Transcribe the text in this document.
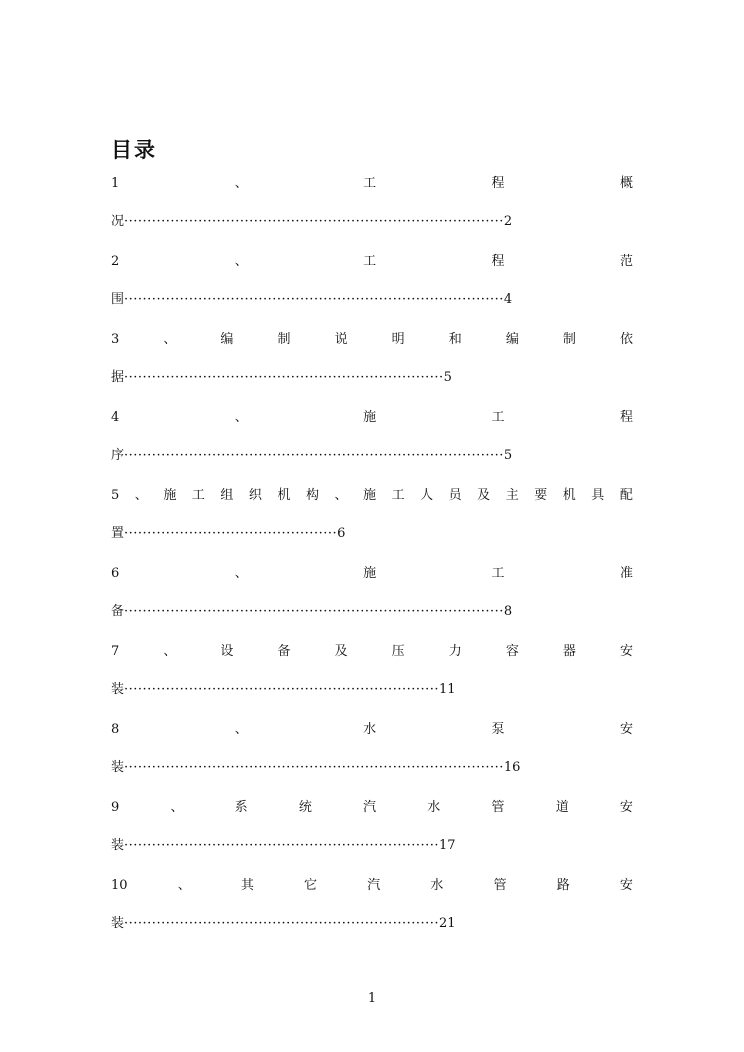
目录
1	、	工	程	概
况··················································································2
2	、	工	程	范
围··················································································4
3	、	编	制	说	明	和	编	制	依
据·····································································5
4	、	施	工	程
序··················································································5
5 、 施 工 组 织 机 构 、 施 工 人 员 及 主 要 机 具 配
置··············································6
6	、	施	工	准
备··················································································8
7	、	设	备	及	压	力	容	器	安
装····································································11
8	、	水	泵	安
装··················································································16
9	、	系	统	汽	水	管	道	安
装····································································17
10	、	其	它	汽	水	管	路	安
装····································································21
1
